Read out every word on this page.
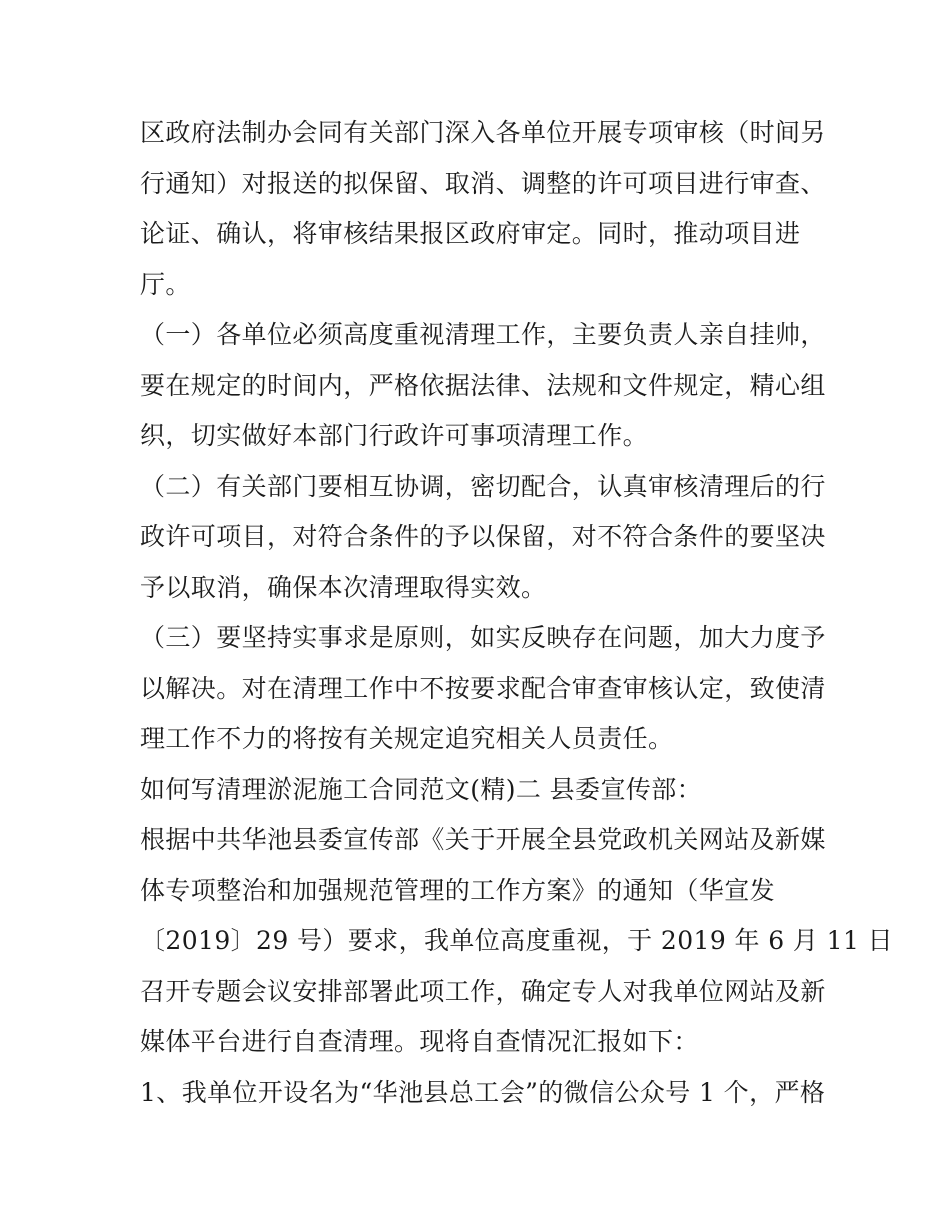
区政府法制办会同有关部门深入各单位开展专项审核（时间另
行通知）对报送的拟保留、取消、调整的许可项目进行审查、
论证、确认，将审核结果报区政府审定。同时，推动项目进
厅。
（一）各单位必须高度重视清理工作，主要负责人亲自挂帅，
要在规定的时间内，严格依据法律、法规和文件规定，精心组
织，切实做好本部门行政许可事项清理工作。
（二）有关部门要相互协调，密切配合，认真审核清理后的行
政许可项目，对符合条件的予以保留，对不符合条件的要坚决
予以取消，确保本次清理取得实效。
（三）要坚持实事求是原则，如实反映存在问题，加大力度予
以解决。对在清理工作中不按要求配合审查审核认定，致使清
理工作不力的将按有关规定追究相关人员责任。
如何写清理淤泥施工合同范文(精)二 县委宣传部：
根据中共华池县委宣传部《关于开展全县党政机关网站及新媒
体专项整治和加强规范管理的工作方案》的通知（华宣发
〔2019〕29 号）要求，我单位高度重视，于 2019 年 6 月 11 日
召开专题会议安排部署此项工作，确定专人对我单位网站及新
媒体平台进行自查清理。现将自查情况汇报如下：
1、我单位开设名为“华池县总工会”的微信公众号 1 个，严格
